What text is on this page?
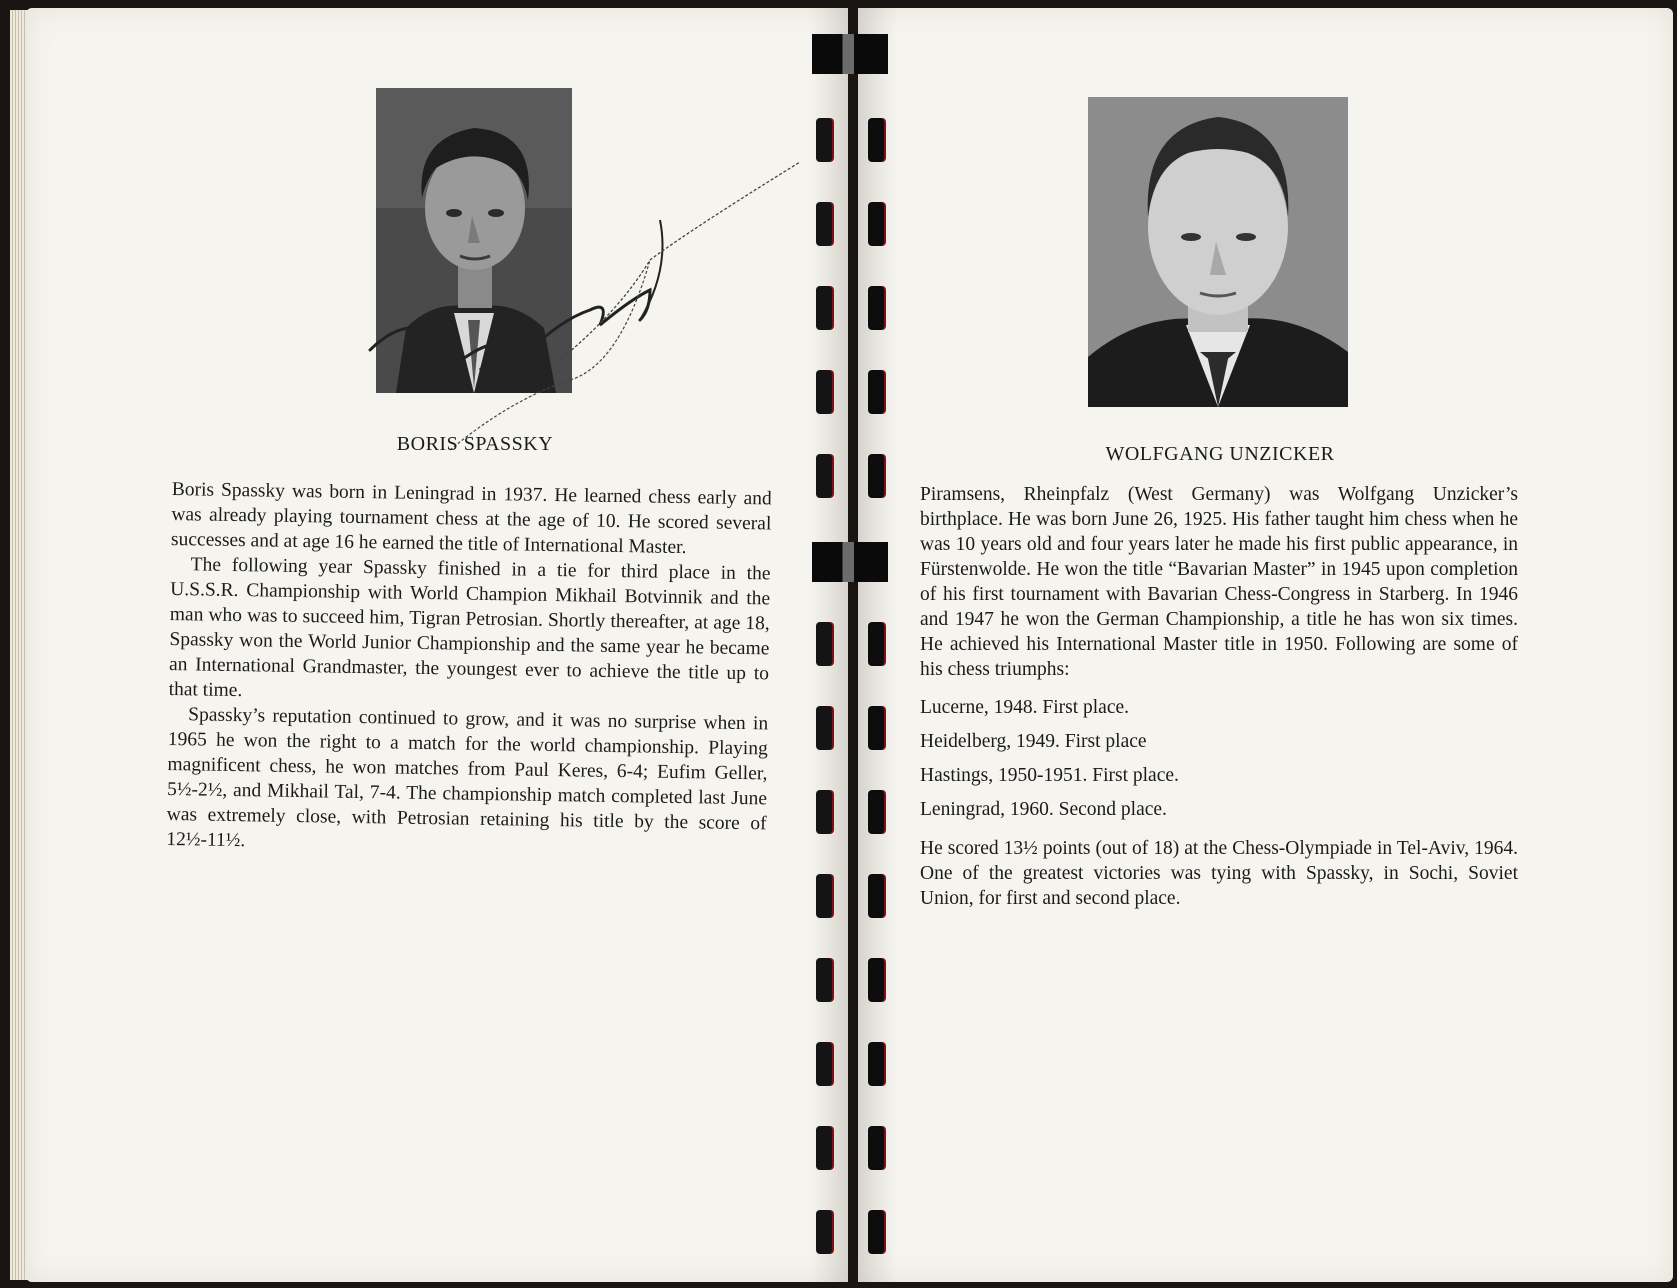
BORIS SPASSKY

Boris Spassky was born in Leningrad in 1937. He learned chess early and was already playing tournament chess at the age of 10. He scored several successes and at age 16 he earned the title of International Master.

The following year Spassky finished in a tie for third place in the U.S.S.R. Championship with World Champion Mikhail Botvinnik and the man who was to succeed him, Tigran Petrosian. Shortly thereafter, at age 18, Spassky won the World Junior Championship and the same year he became an International Grandmaster, the youngest ever to achieve the title up to that time.

Spassky’s reputation continued to grow, and it was no surprise when in 1965 he won the right to a match for the world championship. Playing magnificent chess, he won matches from Paul Keres, 6-4; Eufim Geller, 5½-2½, and Mikhail Tal, 7-4. The championship match completed last June was extremely close, with Petrosian retaining his title by the score of 12½-11½.

WOLFGANG UNZICKER

Piramsens, Rheinpfalz (West Germany) was Wolfgang Unzicker’s birthplace. He was born June 26, 1925. His father taught him chess when he was 10 years old and four years later he made his first public appearance, in Fürstenwolde. He won the title “Bavarian Master” in 1945 upon completion of his first tournament with Bavarian Chess-Congress in Starberg. In 1946 and 1947 he won the German Championship, a title he has won six times. He achieved his International Master title in 1950. Following are some of his chess triumphs:

Lucerne, 1948. First place.
Heidelberg, 1949. First place
Hastings, 1950-1951. First place.
Leningrad, 1960. Second place.

He scored 13½ points (out of 18) at the Chess-Olympiade in Tel-Aviv, 1964. One of the greatest victories was tying with Spassky, in Sochi, Soviet Union, for first and second place.
